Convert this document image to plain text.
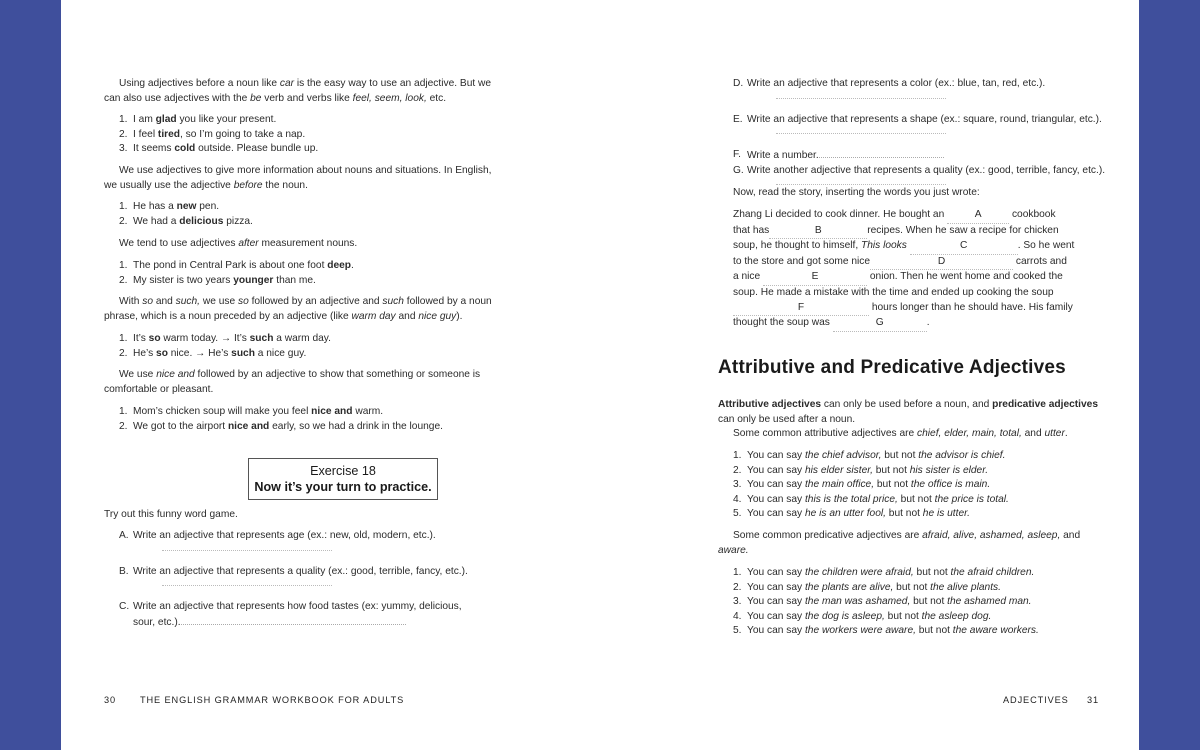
Using adjectives before a noun like car is the easy way to use an adjective. But we can also use adjectives with the be verb and verbs like feel, seem, look, etc.

1. I am glad you like your present.
2. I feel tired, so I’m going to take a nap.
3. It seems cold outside. Please bundle up.

We use adjectives to give more information about nouns and situations. In English, we usually use the adjective before the noun.

1. He has a new pen.
2. We had a delicious pizza.

We tend to use adjectives after measurement nouns.

1. The pond in Central Park is about one foot deep.
2. My sister is two years younger than me.

With so and such, we use so followed by an adjective and such followed by a noun phrase, which is a noun preceded by an adjective (like warm day and nice guy).

1. It’s so warm today. → It’s such a warm day.
2. He’s so nice. → He’s such a nice guy.

We use nice and followed by an adjective to show that something or someone is comfortable or pleasant.

1. Mom’s chicken soup will make you feel nice and warm.
2. We got to the airport nice and early, so we had a drink in the lounge.
Exercise 18
Now it’s your turn to practice.
Try out this funny word game.
A. Write an adjective that represents age (ex.: new, old, modern, etc.).
B. Write an adjective that represents a quality (ex.: good, terrible, fancy, etc.).
C. Write an adjective that represents how food tastes (ex: yummy, delicious, sour, etc.).
30	THE ENGLISH GRAMMAR WORKBOOK FOR ADULTS
D. Write an adjective that represents a color (ex.: blue, tan, red, etc.).
E. Write an adjective that represents a shape (ex.: square, round, triangular, etc.).
F. Write a number.
G. Write another adjective that represents a quality (ex.: good, terrible, fancy, etc.).
Now, read the story, inserting the words you just wrote:
Zhang Li decided to cook dinner. He bought an	A	cookbook
that has	B	recipes. When he saw a recipe for chicken
soup, he thought to himself, This looks	C	. So he went
to the store and got some nice	D	carrots and
a nice	E	onion. Then he went home and cooked the
soup. He made a mistake with the time and ended up cooking the soup
F	hours longer than he should have. His family
thought the soup was	G	.
Attributive and Predicative Adjectives
Attributive adjectives can only be used before a noun, and predicative adjectives can only be used after a noun.
Some common attributive adjectives are chief, elder, main, total, and utter.
1. You can say the chief advisor, but not the advisor is chief.
2. You can say his elder sister, but not his sister is elder.
3. You can say the main office, but not the office is main.
4. You can say this is the total price, but not the price is total.
5. You can say he is an utter fool, but not he is utter.

Some common predicative adjectives are afraid, alive, ashamed, asleep, and aware.

1. You can say the children were afraid, but not the afraid children.
2. You can say the plants are alive, but not the alive plants.
3. You can say the man was ashamed, but not the ashamed man.
4. You can say the dog is asleep, but not the asleep dog.
5. You can say the workers were aware, but not the aware workers.
ADJECTIVES 31
